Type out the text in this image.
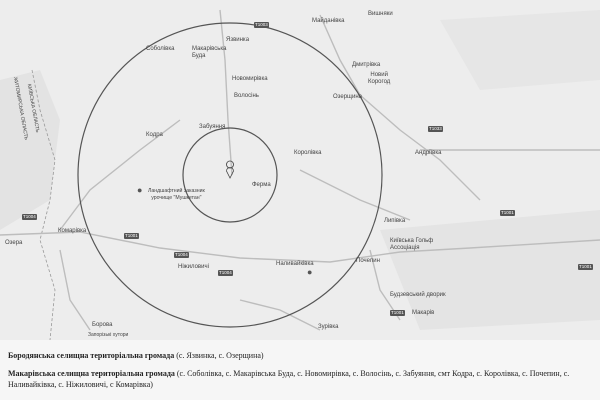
ЖИТОМИРСЬКА ОБЛАСТЬ
КИЇВСЬКА ОБЛАСТЬ
Вишняки
Майданівка
Язвинка
Соболівка	Макарівська
Буда
Дмитрівка
Новий
Корогод
Новомирівка
Волосінь	Озерщина
Кодра
Забуяння
Королівка	Андріївка
Ферма
Ландшафтний заказник
урочище "Мушкетан"
●
Липівка
Комарівка
Озера	Київська Гольф
Ассоціація
Ніжиловичі	Наливайківка
●
Почепин
Будзевський дворик
Борова	Зурівка
Макарів
Запорізькі хутори
T1003
T1033
T1001
T1004
T1004
T1004
T1001
T1001
T1001
Бородянська селищна територіальна громада (с. Язвинка, с. Озерщина)
Макарівська селищна територіальна громада (с. Соболівка, с. Макарівська Буда, с. Новомирівка, с. Волосінь, с. Забуяння, смт Кодра, с. Королівка, с. Почепин, с. Наливайківка, с. Ніжиловичі, с Комарівка)
